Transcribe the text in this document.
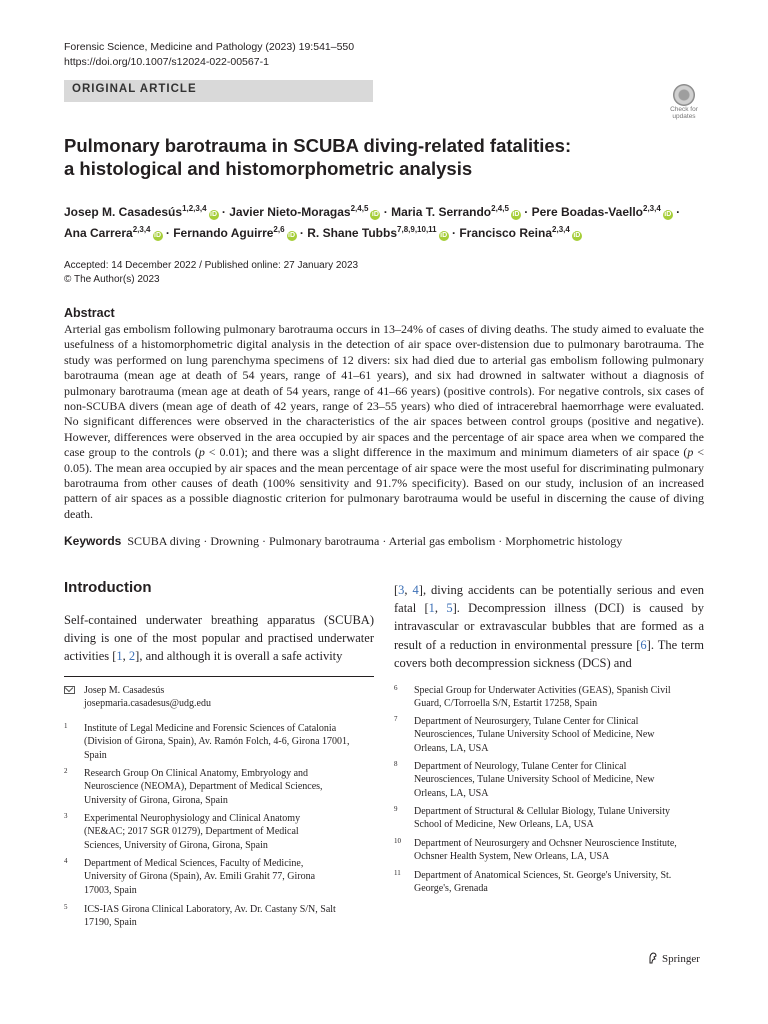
Forensic Science, Medicine and Pathology (2023) 19:541–550
https://doi.org/10.1007/s12024-022-00567-1
ORIGINAL ARTICLE
Check for updates
Pulmonary barotrauma in SCUBA diving-related fatalities:
a histological and histomorphometric analysis
Josep M. Casadesús$^{1,2,3,4}$iD · Javier Nieto-Moragas$^{2,4,5}$iD · Maria T. Serrando$^{2,4,5}$iD · Pere Boadas-Vaello$^{2,3,4}$iD ·
Ana Carrera$^{2,3,4}$iD · Fernando Aguirre$^{2,6}$iD · R. Shane Tubbs$^{7,8,9,10,11}$iD · Francisco Reina$^{2,3,4}$iD
Accepted: 14 December 2022 / Published online: 27 January 2023
© The Author(s) 2023
Abstract
Arterial gas embolism following pulmonary barotrauma occurs in 13–24% of cases of diving deaths. The study aimed to evaluate the usefulness of a histomorphometric digital analysis in the detection of air space over-distension due to pulmonary barotrauma. The study was performed on lung parenchyma specimens of 12 divers: six had died due to arterial gas embolism following pulmonary barotrauma (mean age at death of 54 years, range of 41–61 years), and six had drowned in saltwater without a diagnosis of pulmonary barotrauma (mean age at death of 54 years, range of 41–66 years) (positive controls). For negative controls, six cases of non-SCUBA divers (mean age of death of 42 years, range of 23–55 years) who died of intracerebral haemorrhage were evaluated. No significant differences were observed in the characteristics of the air spaces between control groups (positive and negative). However, differences were observed in the area occupied by air spaces and the percentage of air space area when we compared the case group to the controls (p < 0.01); and there was a slight difference in the maximum and minimum diameters of air space (p < 0.05). The mean area occupied by air spaces and the mean percentage of air space were the most useful for discriminating pulmonary barotrauma from other causes of death (100% sensitivity and 91.7% specificity). Based on our study, inclusion of an increased pattern of air spaces as a possible diagnostic criterion for pulmonary barotrauma would be useful in discerning the cause of diving death.
Keywords SCUBA diving · Drowning · Pulmonary barotrauma · Arterial gas embolism · Morphometric histology
Introduction
Self-contained underwater breathing apparatus (SCUBA) diving is one of the most popular and practised underwater activities [1, 2], and although it is overall a safe activity
[3, 4], diving accidents can be potentially serious and even fatal [1, 5]. Decompression illness (DCI) is caused by intravascular or extravascular bubbles that are formed as a result of a reduction in environmental pressure [6]. The term covers both decompression sickness (DCS) and
Josep M. Casadesús
josepmaria.casadesus@udg.edu
1 Institute of Legal Medicine and Forensic Sciences of Catalonia (Division of Girona, Spain), Av. Ramón Folch, 4-6, Girona 17001, Spain
2 Research Group On Clinical Anatomy, Embryology and Neuroscience (NEOMA), Department of Medical Sciences, University of Girona, Girona, Spain
3 Experimental Neurophysiology and Clinical Anatomy (NE&AC; 2017 SGR 01279), Department of Medical Sciences, University of Girona, Girona, Spain
4 Department of Medical Sciences, Faculty of Medicine, University of Girona (Spain), Av. Emili Grahit 77, Girona 17003, Spain
5 ICS-IAS Girona Clinical Laboratory, Av. Dr. Castany S/N, Salt 17190, Spain
6 Special Group for Underwater Activities (GEAS), Spanish Civil Guard, C/Torroella S/N, Estartit 17258, Spain
7 Department of Neurosurgery, Tulane Center for Clinical Neurosciences, Tulane University School of Medicine, New Orleans, LA, USA
8 Department of Neurology, Tulane Center for Clinical Neurosciences, Tulane University School of Medicine, New Orleans, LA, USA
9 Department of Structural & Cellular Biology, Tulane University School of Medicine, New Orleans, LA, USA
10 Department of Neurosurgery and Ochsner Neuroscience Institute, Ochsner Health System, New Orleans, LA, USA
11 Department of Anatomical Sciences, St. George's University, St. George's, Grenada
Springer
